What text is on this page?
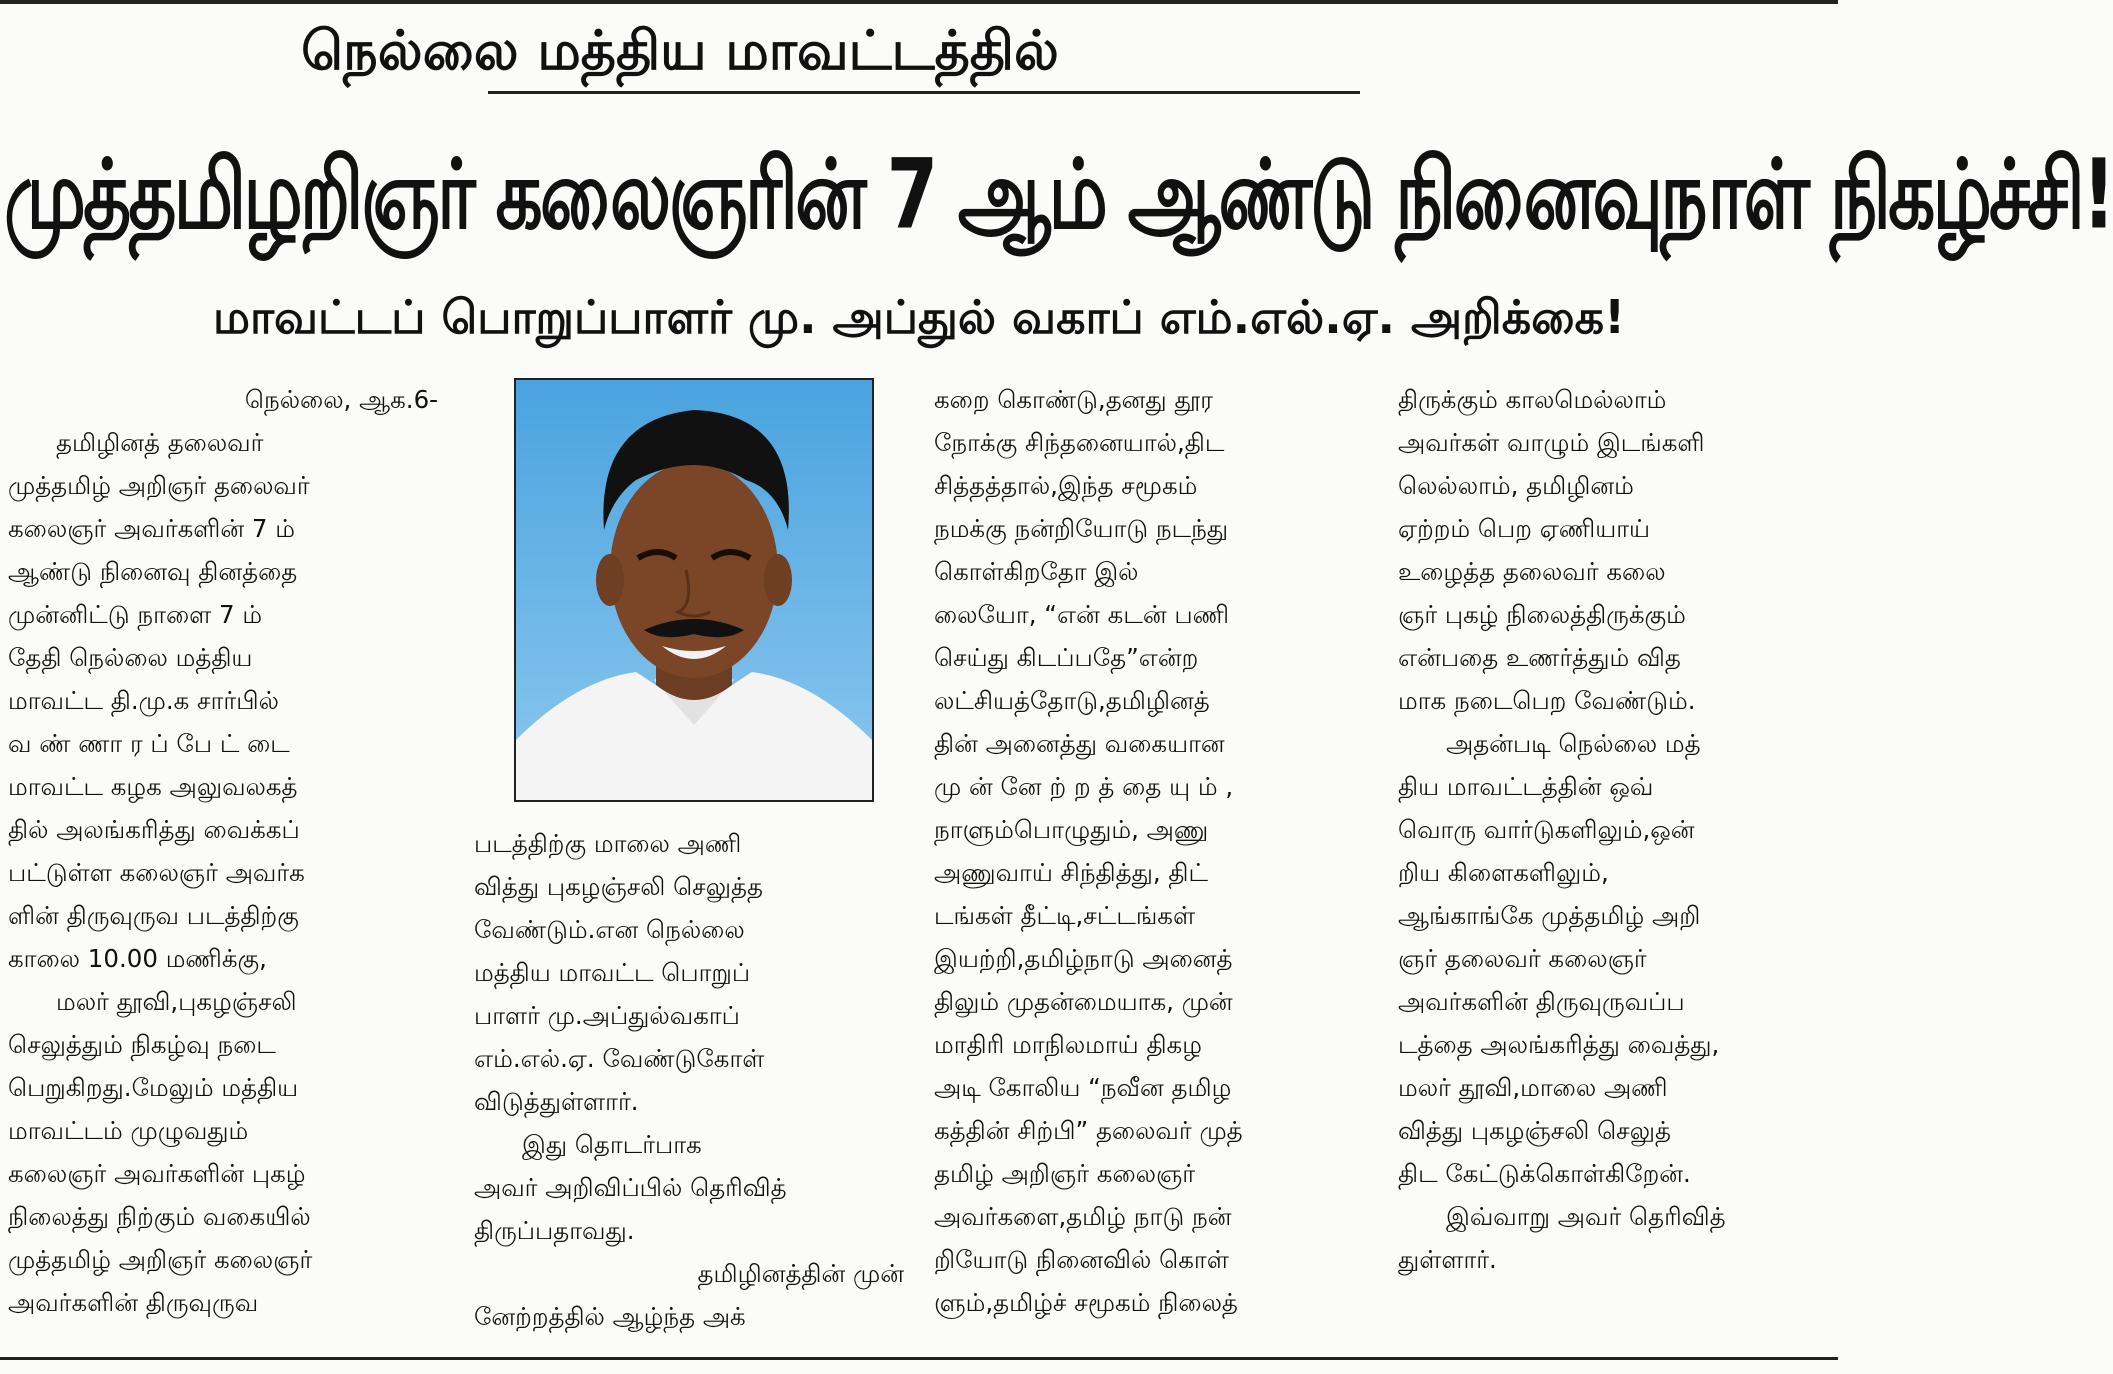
நெல்லை மத்திய மாவட்டத்தில்
முத்தமிழறிஞர் கலைஞரின் 7 ஆம் ஆண்டு நினைவுநாள் நிகழ்ச்சி!
மாவட்டப் பொறுப்பாளர் மு. அப்துல் வகாப் எம்.எல்.ஏ. அறிக்கை!
நெல்லை, ஆக.6-
தமிழினத் தலைவர்
முத்தமிழ் அறிஞர் தலைவர்
கலைஞர் அவர்களின் 7 ம்
ஆண்டு நினைவு தினத்தை
முன்னிட்டு நாளை 7 ம்
தேதி நெல்லை மத்திய
மாவட்ட தி.மு.க சார்பில்
வ ண் ணா ர ப் பே ட் டை
மாவட்ட கழக அலுவலகத்
தில் அலங்கரித்து வைக்கப்
பட்டுள்ள கலைஞர் அவர்க
ளின் திருவுருவ படத்திற்கு
காலை 10.00 மணிக்கு,
மலர் தூவி,புகழஞ்சலி
செலுத்தும் நிகழ்வு நடை
பெறுகிறது.மேலும் மத்திய
மாவட்டம் முழுவதும்
கலைஞர் அவர்களின் புகழ்
நிலைத்து நிற்கும் வகையில்
முத்தமிழ் அறிஞர் கலைஞர்
அவர்களின் திருவுருவ
படத்திற்கு மாலை அணி
வித்து புகழஞ்சலி செலுத்த
வேண்டும்.என நெல்லை
மத்திய மாவட்ட பொறுப்
பாளர் மு.அப்துல்வகாப்
எம்.எல்.ஏ. வேண்டுகோள்
விடுத்துள்ளார்.
இது தொடர்பாக
அவர் அறிவிப்பில் தெரிவித்
திருப்பதாவது.
தமிழினத்தின் முன்
னேற்றத்தில் ஆழ்ந்த அக்
கறை கொண்டு,தனது தூர
நோக்கு சிந்தனையால்,திட
சித்தத்தால்,இந்த சமூகம்
நமக்கு நன்றியோடு நடந்து
கொள்கிறதோ இல்
லையோ, “என் கடன் பணி
செய்து கிடப்பதே”என்ற
லட்சியத்தோடு,தமிழினத்
தின் அனைத்து வகையான
மு ன் னே ற் ற த் தை யு ம் ,
நாளும்பொழுதும், அணு
அணுவாய் சிந்தித்து, திட்
டங்கள் தீட்டி,சட்டங்கள்
இயற்றி,தமிழ்நாடு அனைத்
திலும் முதன்மையாக, முன்
மாதிரி மாநிலமாய் திகழ
அடி கோலிய “நவீன தமிழ
கத்தின் சிற்பி” தலைவர் முத்
தமிழ் அறிஞர் கலைஞர்
அவர்களை,தமிழ் நாடு நன்
றியோடு நினைவில் கொள்
ளும்,தமிழ்ச் சமூகம் நிலைத்
திருக்கும் காலமெல்லாம்
அவர்கள் வாழும் இடங்களி
லெல்லாம், தமிழினம்
ஏற்றம் பெற ஏணியாய்
உழைத்த தலைவர் கலை
ஞர் புகழ் நிலைத்திருக்கும்
என்பதை உணர்த்தும் வித
மாக நடைபெற வேண்டும்.
அதன்படி நெல்லை மத்
திய மாவட்டத்தின் ஒவ்
வொரு வார்டுகளிலும்,ஒன்
றிய கிளைகளிலும்,
ஆங்காங்கே முத்தமிழ் அறி
ஞர் தலைவர் கலைஞர்
அவர்களின் திருவுருவப்ப
டத்தை அலங்கரித்து வைத்து,
மலர் தூவி,மாலை அணி
வித்து புகழஞ்சலி செலுத்
திட கேட்டுக்கொள்கிறேன்.
இவ்வாறு அவர் தெரிவித்
துள்ளார்.
